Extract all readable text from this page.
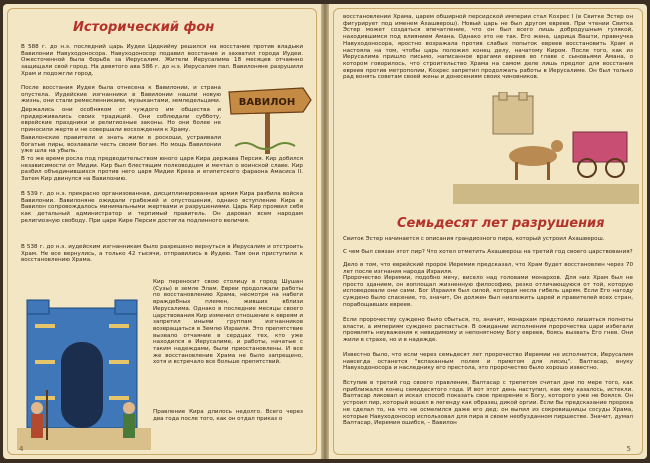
Исторический фон
В 588 г. до н.э. последний царь Иудеи Цидкийяу решился на восстание против владыки Вавилонии Навуходоносора. Навуходоносор подавил восстание и захватил города Иудеи. Ожесточенной была борьба за Иерусалим. Жители Иерусалима 18 месяцев отчаянно защищали свой город. На девятого ава 586 г. до н.э. Иерусалим пал. Вавилоняне разрушили Храм и подожгли город.
После восстания Иудея была отнесена к Вавилонии, и страна опустела. Иудейские изгнанники в Вавилонии нашли новую жизнь, они стали ремесленниками, музыкантами, земледельцами.
Держались они особняком от чуждого им общества и придерживались своих традиций. Они соблюдали субботу, еврейские праздники и религиозные законы. Но они более не приносили жертв и не совершали восхождения к Храму.
Вавилонские правители и знать жили в роскоши, устраивали богатые пиры, возлавали честь своим богам. Но мощь Вавилонии уже шла на убыль.
В то же время росла под предводительством юного царя Кира держава Персия. Кир добился независимости от Мидии. Кир был блестящим полководцем и мечтал о воинской славе. Кир разбил объединившихся против него царя Мидии Креза и египетского фараона Амасиса II. Затем Кир двинулся на Вавилонию.
В 539 г. до н.э. прекрасно организованная, дисциплинированная армия Кира разбила войска Вавилонии. Вавилоняне ожидали грабежей и опустошения, однако вступление Кира в Вавилон сопровождалось минимальными жертвами и разрушениями. Царь Кир проявил себя как детальный администратор и терпимый правитель. Он даровал всем народам религиозную свободу. При царе Кире Персия достигла подлинного величия.
В 538 г. до н.э. иудейским изгнанникам было разрешено вернуться в Иерусалим и отстроить Храм. Не все вернулись, а только 42 тысячи, отправились в Иудею. Там они приступили к восстановлению Храма.
Кир переносит свою столицу в город Шушан (Сузы) в земле Элам. Евреи продолжали работы по восстановлению Храма, несмотря на набеги враждебных племен, живших вблизи Иерусалима. Однако в последние месяцы своего царствования Кир изменил отношение к евреям и запретил иными группам изгнанников возвращаться в Землю Израиля. Это препятствие вызвало отчаяние в сердцах тех, кто уже находился в Иерусалиме, и работы, начатые с таким надеждами, были приостановлены. И все же восстановление Храма не было запрещено, хотя и встречало все больше препятствий.
Правление Кира длилось недолго. Всего через два года после того, как он отдал приказ о
ВАВИЛОН
4
восстановлении Храма, царем обширной персидской империи стал Кохрес I (в Свитке Эстер он фигурирует под именем Ахашверош). Новый царь не был другом евреев. При чтении Свитка Эстер может создаться впечатление, что он был всего лишь добродушным гулякой, находившимся под влиянием Амана. Однако это не так. Его жена, царица Вашти, правнучка Навуходоносора, яростно возражала против слабых попыток евреев восстановить Храм и настояла на том, чтобы царь положил конец делу, начатому Киром. После того, как из Иерусалима пришло письмо, написанное врагами евреев во главе с сыновьями Амана, о котором говорилось, что строительство Храма на самом деле лишь предлог для восстания евреев против метрополии, Кохрес запретил продолжать работы в Иерусалиме. Он был только рад вонять советам своей жены и донесениям своих чиновников.
Семьдесят лет разрушения
Свиток Эстер начинается с описания грандиозного пира, который устроил Ахашверош.
С чем был связан этот пир? Что хотел отметить Ахашверош на третий год своего царствования?
Дело в том, что еврейский пророк Иеремия предсказал, что Храм будет восстановлен через 70 лет после изгнания народа Израиля.
Пророчество Иеремии, подобно мечу, висело над головами монархов. Для них Храм был не просто зданием, он воплощал жизненную философию, резко отличающуюся от той, которую исповедовали они сами. Бог Израиля был силой, которая несла гибель царям. Если Его нагоду суждено было спасение, то, значит, Он должен был низложить царей и правителей всех стран, порабощавших евреев.
Если пророчеству суждено было сбыться, то, значит, монархам предстояло лишиться полноты власти, а империям суждено распасться. В ожидании исполнения пророчества цари избегали проявлять неуважения к невидимому и непонятному Богу евреев, боясь вызвать Его гнев. Они жили в страхе, но и в надежде.
Известно было, что если через семьдесят лет пророчество Иеремии не исполнится, Иерусалим навсегда останется "вспаханным полем и приютом для лисиц". Валтасар, внуку Навуходоносора и наследнику его престола, это пророчество было хорошо известно.
Вступив в третий год своего правления, Валтасар с трепетом считал дни по мере того, как приближался конец семидесятого года. И вот этот день наступил, как ему казалось, истекли. Валтасар ликовал и искал способ показать свое презрение к Богу, которого уже не боялся. Он устроил пир, который вошел в легенду как образец дикой оргии. Если бы предсказание пророка не сделал то, на что не осмелился даже его дед: он выпил из сокровищницы сосуды Храма, которые Навуходоносор использовал для пира в своем необузданном пиршестве. Значит, думал Валтасар, Иеремия ошибся, – Вавилон
5
